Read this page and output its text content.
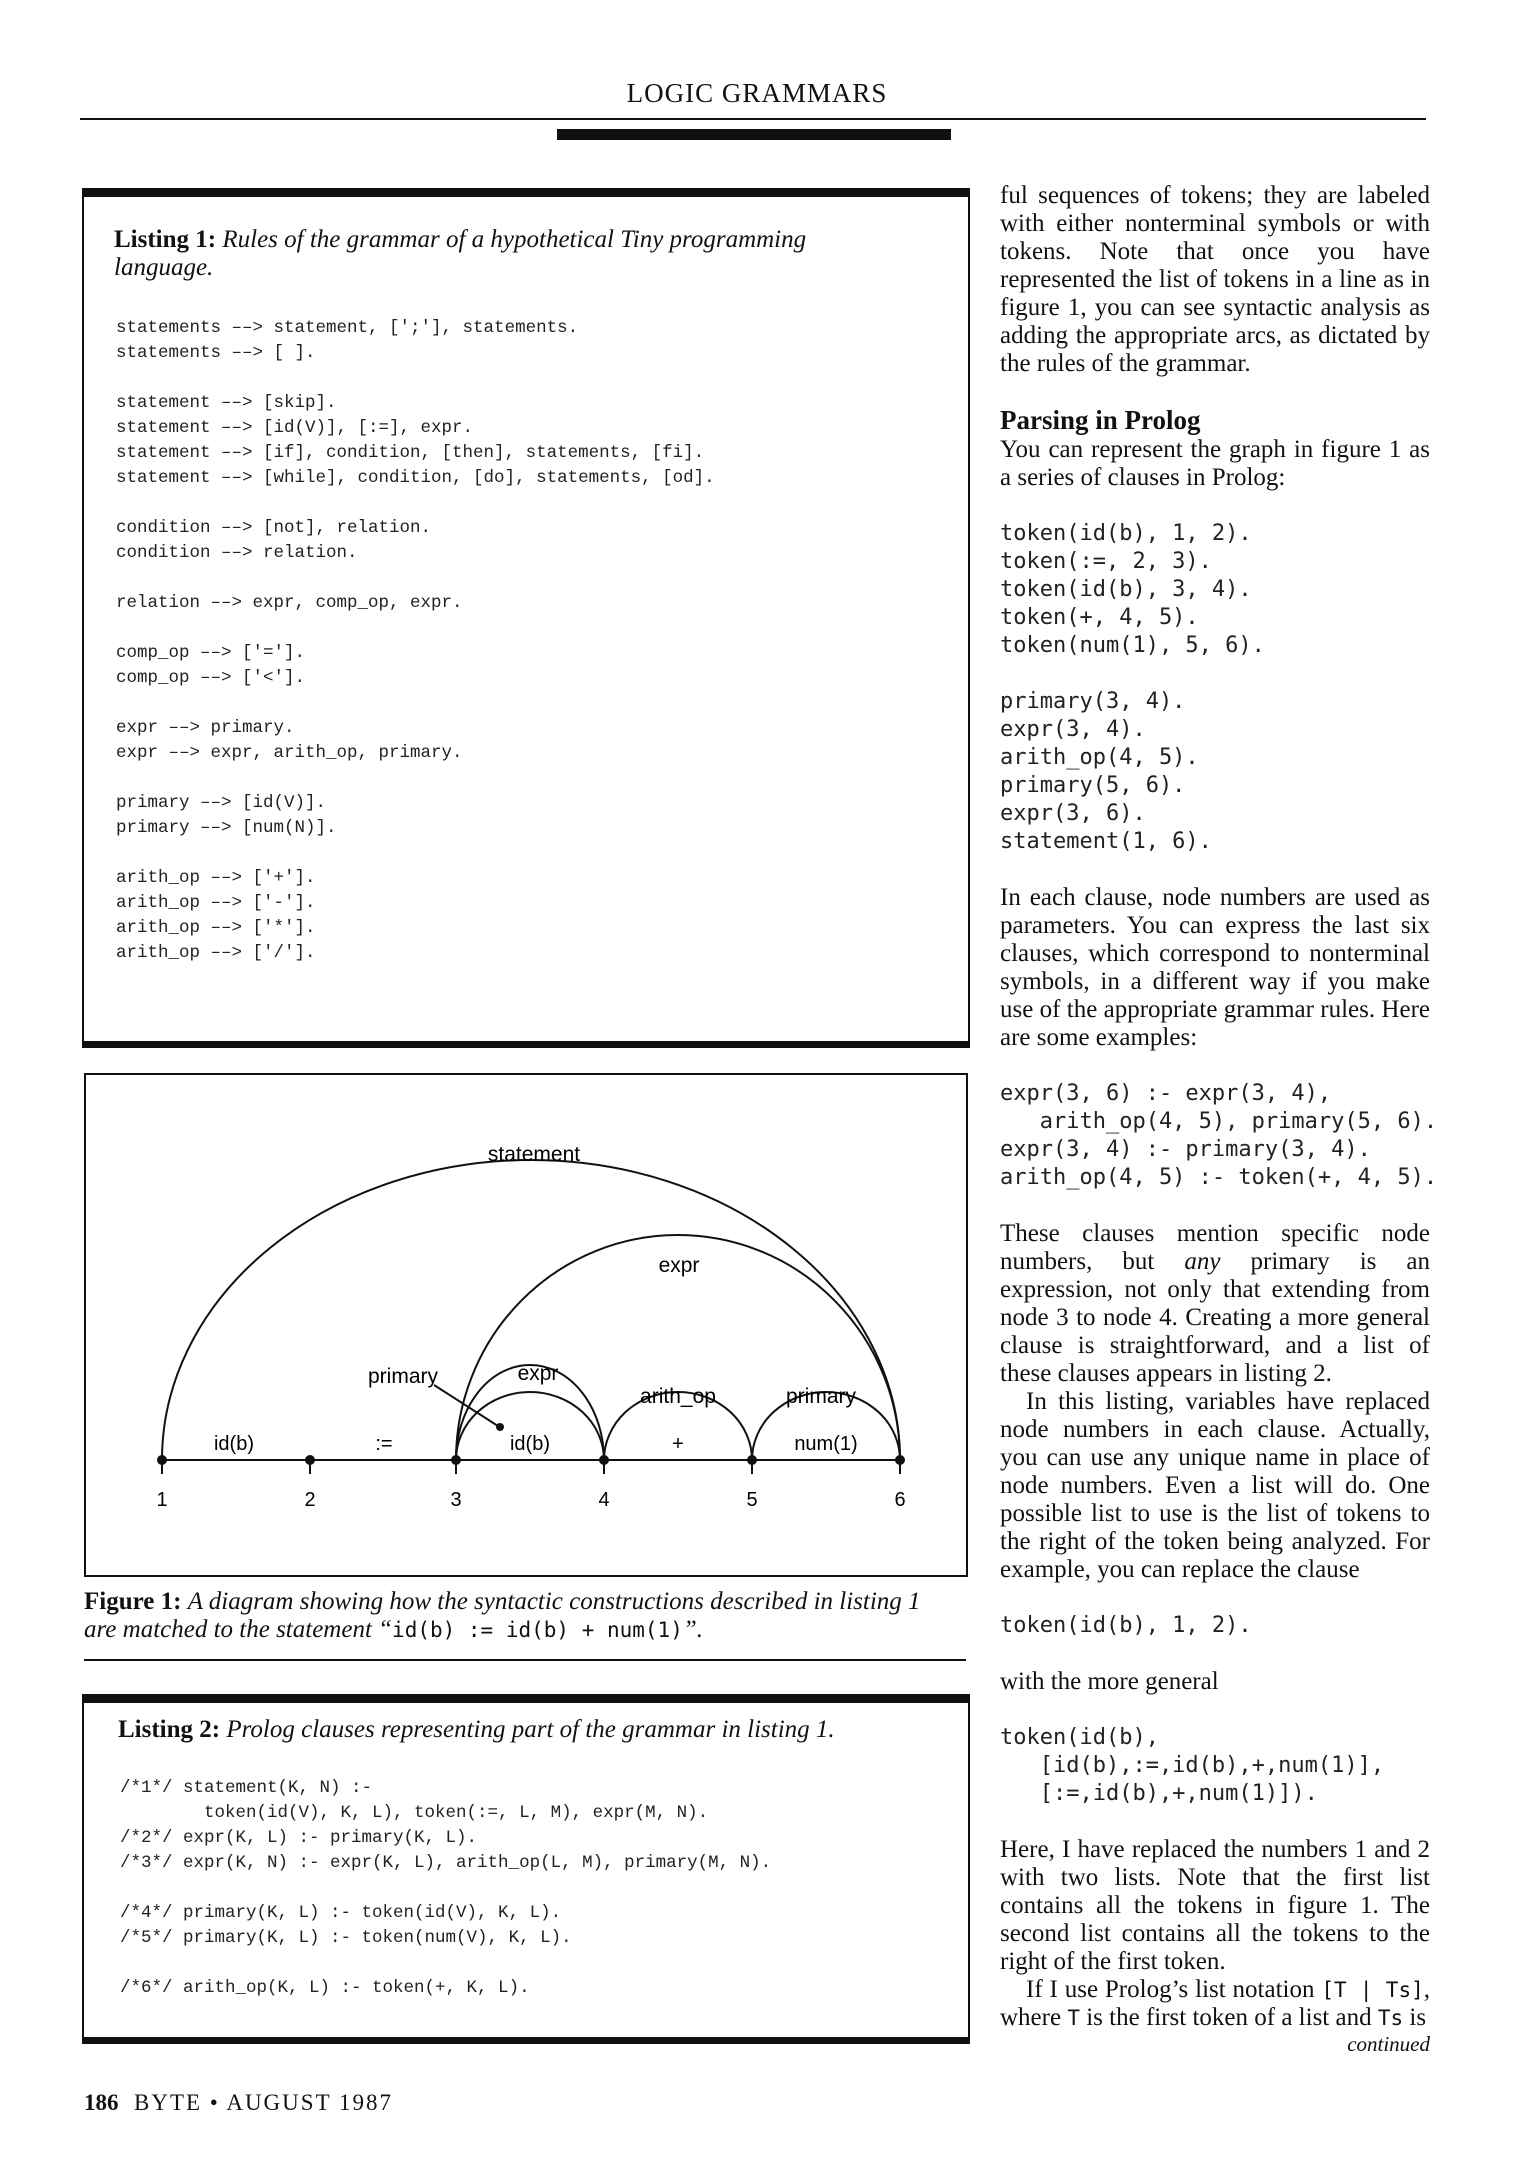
LOGIC GRAMMARS
Listing 1: Rules of the grammar of a hypothetical Tiny programming language.
statements ––> statement, [';'], statements.
statements ––> [ ].
statement ––> [skip].
statement ––> [id(V)], [:=], expr.
statement ––> [if], condition, [then], statements, [fi].
statement ––> [while], condition, [do], statements, [od].
condition ––> [not], relation.
condition ––> relation.
relation ––> expr, comp_op, expr.
comp_op ––> ['='].
comp_op ––> ['<'].
expr ––> primary.
expr ––> expr, arith_op, primary.
primary ––> [id(V)].
primary ––> [num(N)].
arith_op ––> ['+'].
arith_op ––> ['-'].
arith_op ––> ['*'].
arith_op ––> ['/'].
1	2	3	4	5	6
id(b)	:=	id(b)	+	num(1)
statement
expr
primary	expr
arith_op	primary
Figure 1: A diagram showing how the syntactic constructions described in listing 1 are matched to the statement “id(b) := id(b) + num(1)”.
Listing 2: Prolog clauses representing part of the grammar in listing 1.
/*1*/ statement(K, N) :-
token(id(V), K, L), token(:=, L, M), expr(M, N).
/*2*/ expr(K, L) :- primary(K, L).
/*3*/ expr(K, N) :- expr(K, L), arith_op(L, M), primary(M, N).
/*4*/ primary(K, L) :- token(id(V), K, L).
/*5*/ primary(K, L) :- token(num(V), K, L).
/*6*/ arith_op(K, L) :- token(+, K, L).

ful sequences of tokens; they are labeled with either nonterminal symbols or with tokens. Note that once you have represented the list of tokens in a line as in figure 1, you can see syntactic analysis as adding the appropriate arcs, as dictated by the rules of the grammar.

Parsing in Prolog

You can represent the graph in figure 1 as a series of clauses in Prolog:

token(id(b), 1, 2).
token(:=, 2, 3).
token(id(b), 3, 4).
token(+, 4, 5).
token(num(1), 5, 6).
primary(3, 4).
expr(3, 4).
arith_op(4, 5).
primary(5, 6).
expr(3, 6).
statement(1, 6).

In each clause, node numbers are used as parameters. You can express the last six clauses, which correspond to nonterminal symbols, in a different way if you make use of the appropriate grammar rules. Here are some examples:

expr(3, 6) :- expr(3, 4),
arith_op(4, 5), primary(5, 6).
expr(3, 4) :- primary(3, 4).
arith_op(4, 5) :- token(+, 4, 5).

These clauses mention specific node numbers, but any primary is an expression, not only that extending from node 3 to node 4. Creating a more general clause is straightforward, and a list of these clauses appears in listing 2.

In this listing, variables have replaced node numbers in each clause. Actually, you can use any unique name in place of node numbers. Even a list will do. One possible list to use is the list of tokens to the right of the token being analyzed. For example, you can replace the clause

token(id(b), 1, 2).

with the more general

token(id(b),
[id(b),:=,id(b),+,num(1)],
[:=,id(b),+,num(1)]).

Here, I have replaced the numbers 1 and 2 with two lists. Note that the first list contains all the tokens in figure 1. The second list contains all the tokens to the right of the first token.

If I use Prolog’s list notation [T | Ts], where T is the first token of a list and Ts is

continued
186 BYTE • AUGUST 1987
